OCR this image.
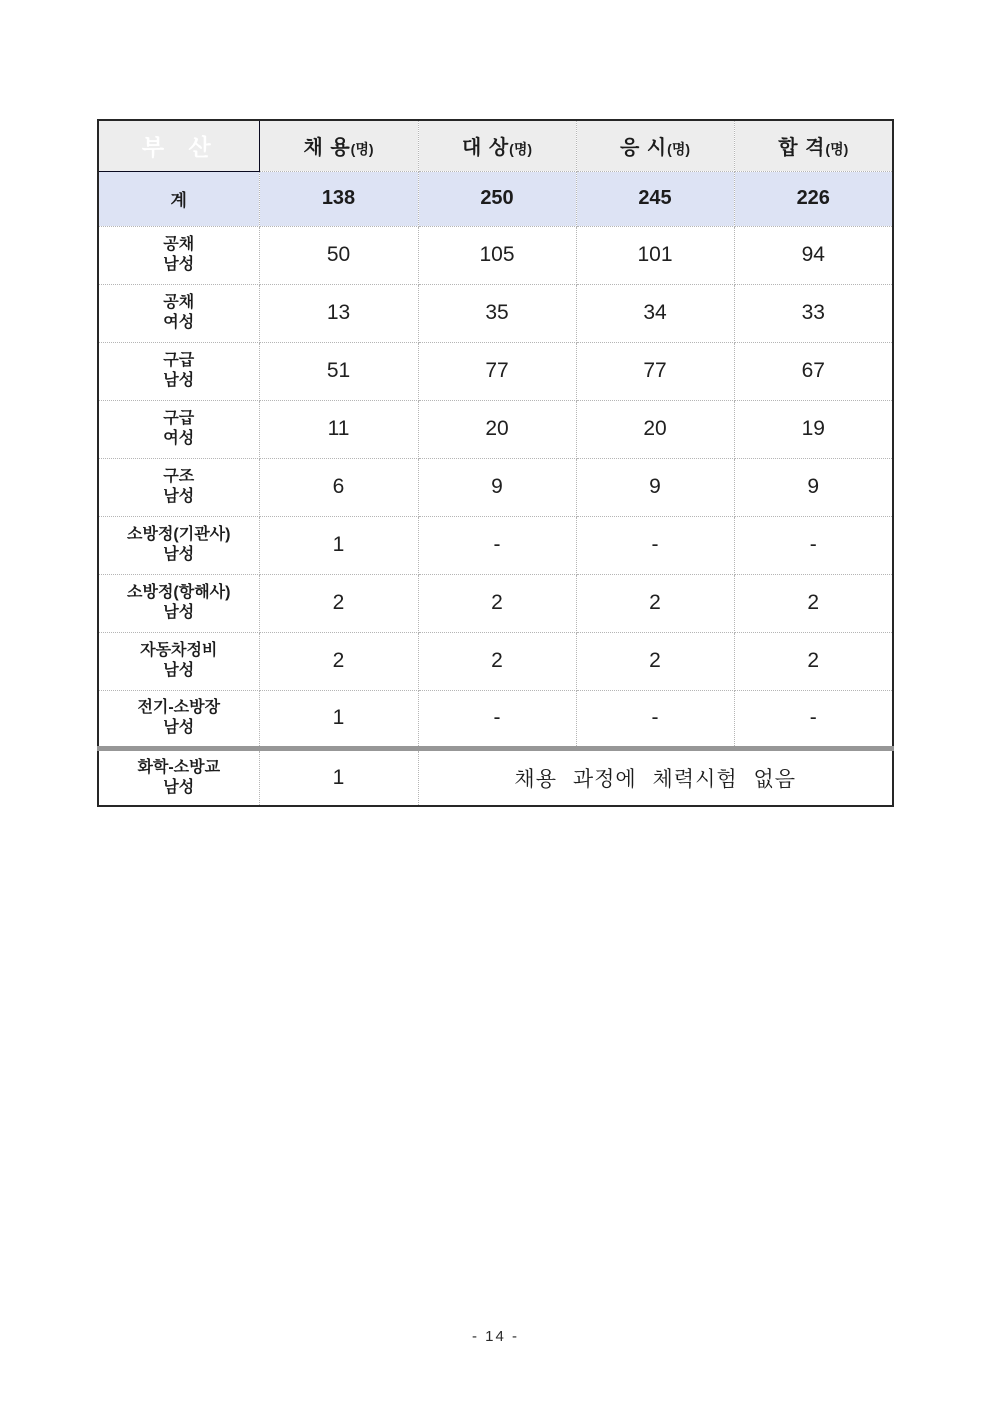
부 산	채 용(명)	대 상(명)	응 시(명)	합 격(명)
계	138	250	245	226

공채
남성	50	105	101	94

공채
여성	13	35	34	33

구급
남성	51	77	77	67

구급
여성	11	20	20	19

구조
남성	6	9	9	9

소방정(기관사)
남성	1	-	-	-

소방정(항해사)
남성	2	2	2	2

자동차정비
남성	2	2	2	2

전기-소방장
남성	1	-	-	-

화학-소방교
남성	1	채용 과정에 체력시험 없음		
- 14 -
